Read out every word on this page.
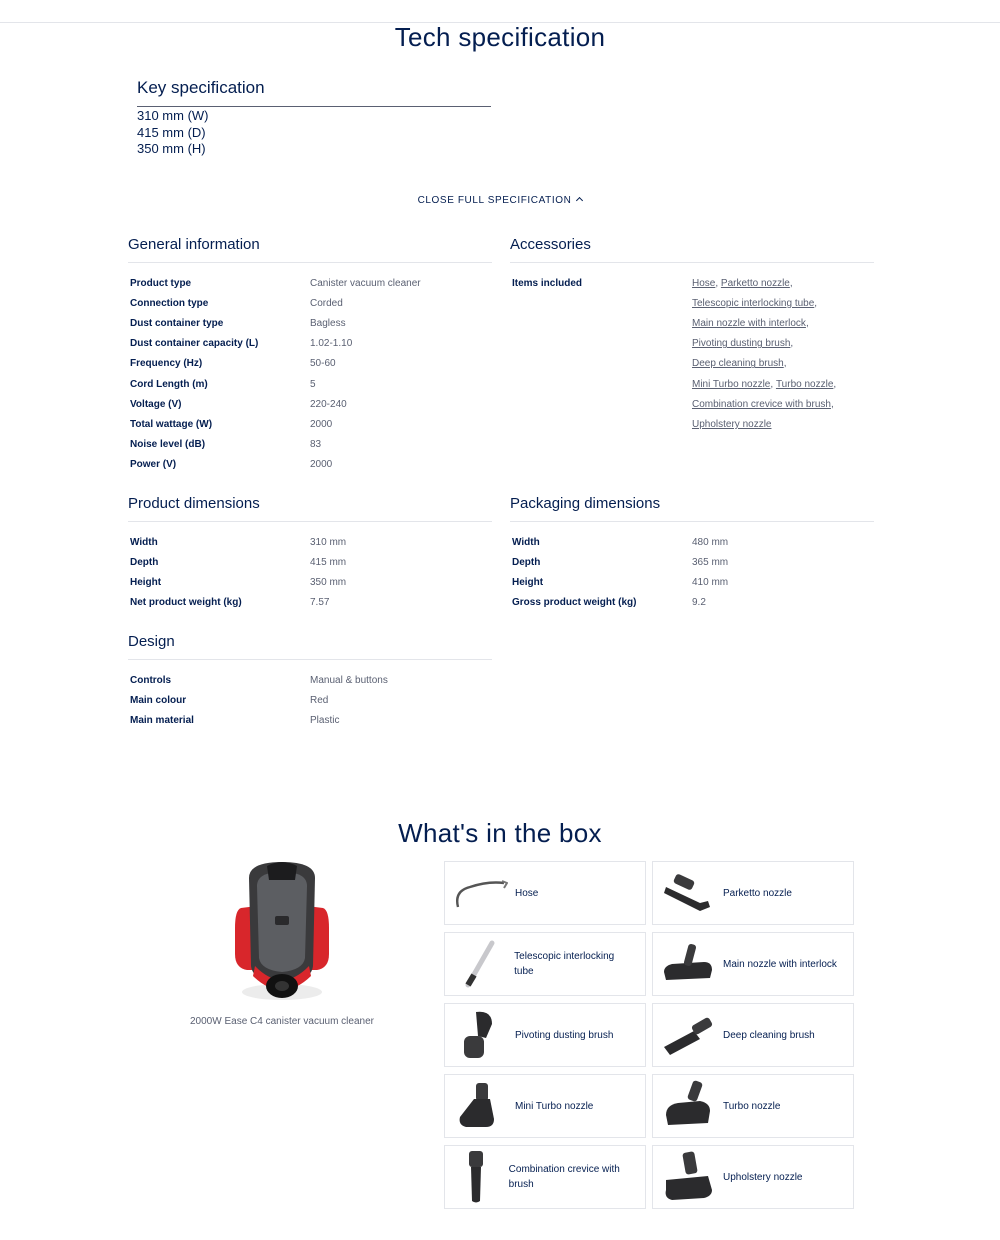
Tech specification
Key specification
310 mm (W)
415 mm (D)
350 mm (H)
CLOSE FULL SPECIFICATION
General information
Product type	Canister vacuum cleaner
Connection type	Corded
Dust container type	Bagless
Dust container capacity (L)	1.02-1.10
Frequency (Hz)	50-60
Cord Length (m)	5
Voltage (V)	220-240
Total wattage (W)	2000
Noise level (dB)	83
Power (V)	2000
Accessories
Items included	Hose , Parketto nozzle ,
Telescopic interlocking tube ,
Main nozzle with interlock ,
Pivoting dusting brush ,
Deep cleaning brush ,
Mini Turbo nozzle , Turbo nozzle ,
Combination crevice with brush ,
Upholstery nozzle
Product dimensions
Width	310 mm
Depth	415 mm
Height	350 mm
Net product weight (kg)	7.57
Packaging dimensions
Width	480 mm
Depth	365 mm
Height	410 mm
Gross product weight (kg)	9.2
Design
Controls	Manual & buttons
Main colour	Red
Main material	Plastic
What's in the box
2000W Ease C4 canister vacuum cleaner
Hose	Parketto nozzle
Telescopic interlocking tube
Main nozzle with interlock
Pivoting dusting brush	Deep cleaning brush
Mini Turbo nozzle	Turbo nozzle
Combination crevice with brush
Upholstery nozzle
